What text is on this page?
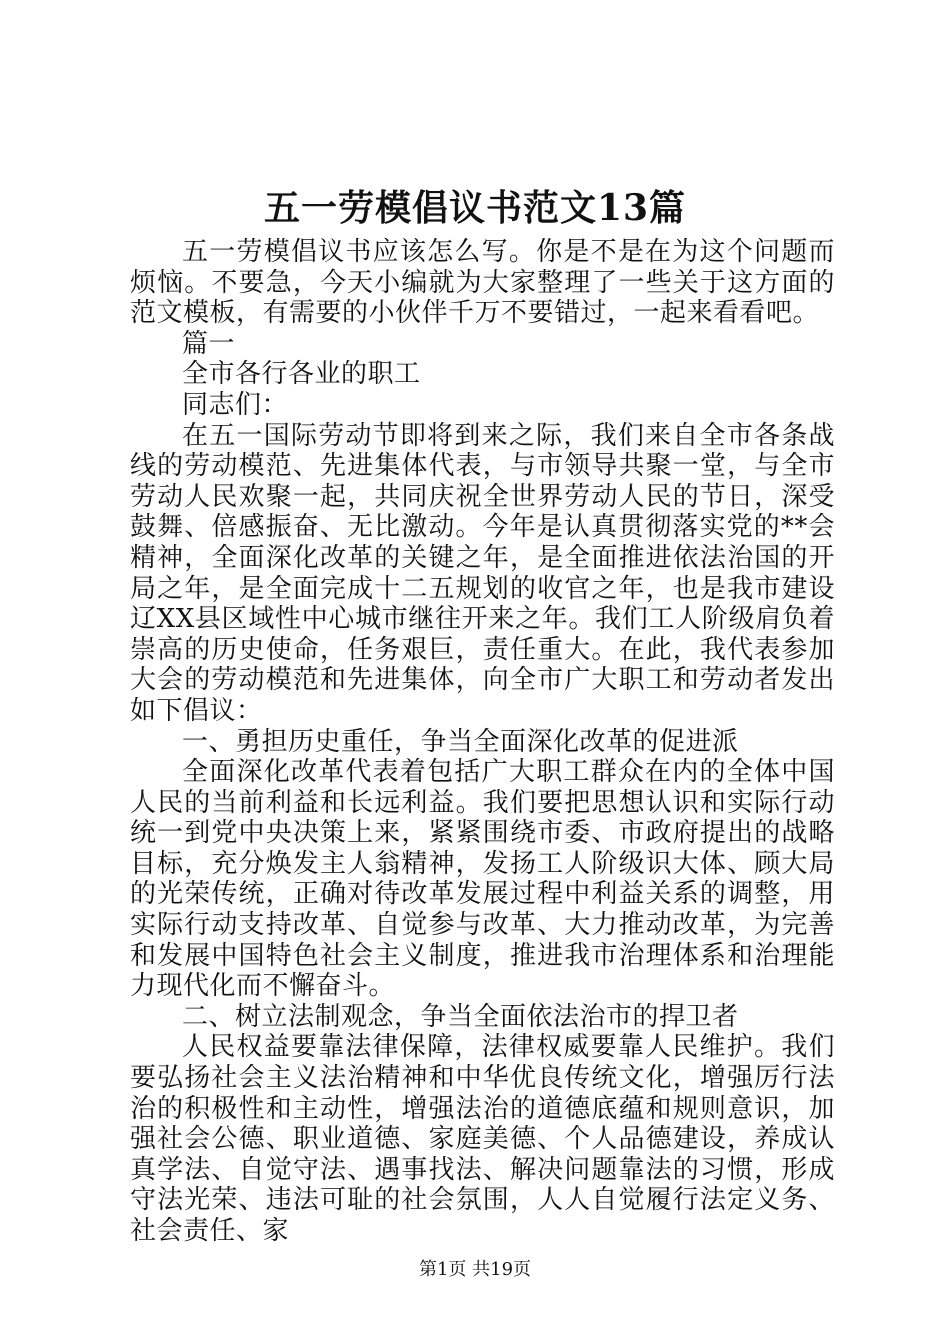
五一劳模倡议书范文13篇

五一劳模倡议书应该怎么写。你是不是在为这个问题而烦恼。不要急，今天小编就为大家整理了一些关于这方面的范文模板，有需要的小伙伴千万不要错过，一起来看看吧。

篇一

全市各行各业的职工

同志们：

在五一国际劳动节即将到来之际，我们来自全市各条战线的劳动模范、先进集体代表，与市领导共聚一堂，与全市劳动人民欢聚一起，共同庆祝全世界劳动人民的节日，深受鼓舞、倍感振奋、无比激动。今年是认真贯彻落实党的**会精神，全面深化改革的关键之年，是全面推进依法治国的开局之年，是全面完成十二五规划的收官之年，也是我市建设辽XX县区域性中心城市继往开来之年。我们工人阶级肩负着崇高的历史使命，任务艰巨，责任重大。在此，我代表参加大会的劳动模范和先进集体，向全市广大职工和劳动者发出如下倡议：

一、勇担历史重任，争当全面深化改革的促进派

全面深化改革代表着包括广大职工群众在内的全体中国人民的当前利益和长远利益。我们要把思想认识和实际行动统一到党中央决策上来，紧紧围绕市委、市政府提出的战略目标，充分焕发主人翁精神，发扬工人阶级识大体、顾大局的光荣传统，正确对待改革发展过程中利益关系的调整，用实际行动支持改革、自觉参与改革、大力推动改革，为完善和发展中国特色社会主义制度，推进我市治理体系和治理能力现代化而不懈奋斗。

二、树立法制观念，争当全面依法治市的捍卫者

人民权益要靠法律保障，法律权威要靠人民维护。我们要弘扬社会主义法治精神和中华优良传统文化，增强厉行法治的积极性和主动性，增强法治的道德底蕴和规则意识，加强社会公德、职业道德、家庭美德、个人品德建设，养成认真学法、自觉守法、遇事找法、解决问题靠法的习惯，形成守法光荣、违法可耻的社会氛围，人人自觉履行法定义务、社会责任、家

第1页 共19页
